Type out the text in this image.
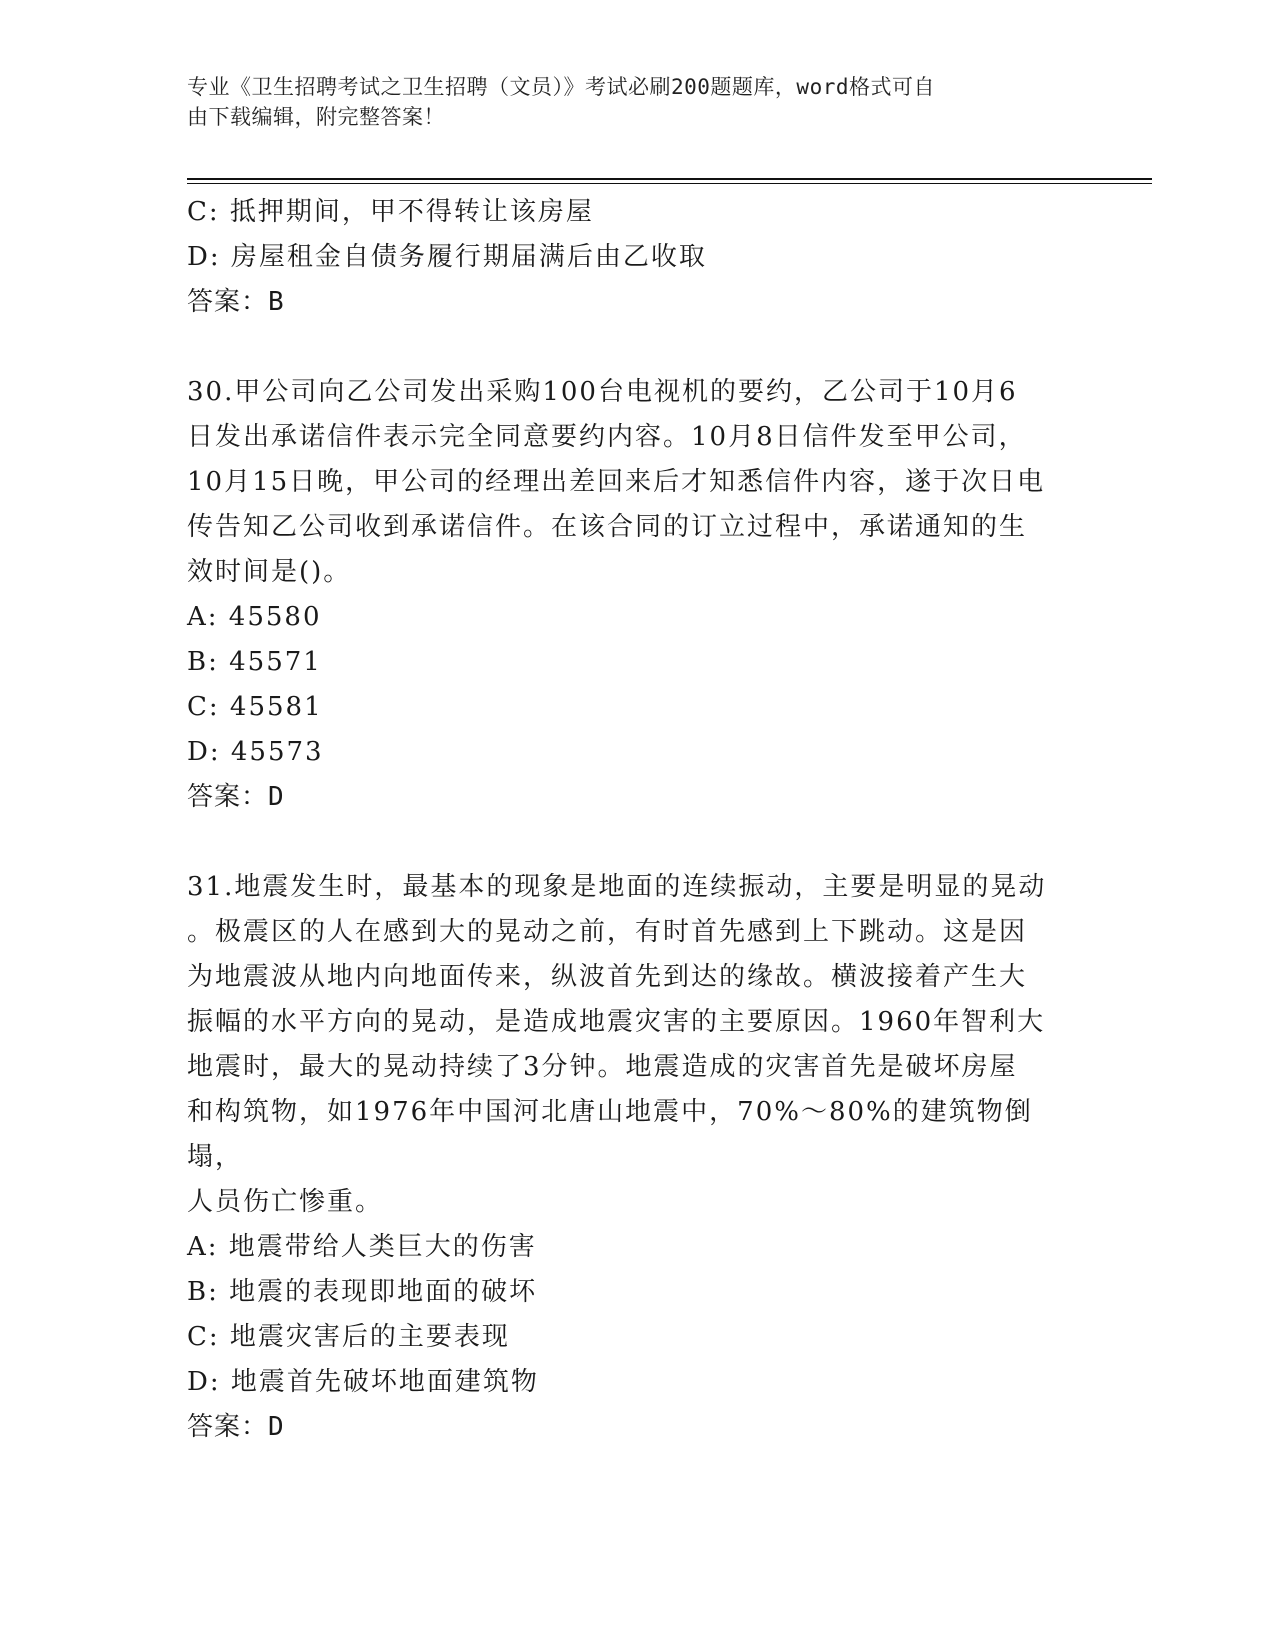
专业《卫生招聘考试之卫生招聘（文员）》考试必刷200题题库，word格式可自
由下载编辑，附完整答案！

C: 抵押期间，甲不得转让该房屋

D: 房屋租金自债务履行期届满后由乙收取

答案：B

30.甲公司向乙公司发出采购100台电视机的要约，乙公司于10月6

日发出承诺信件表示完全同意要约内容。10月8日信件发至甲公司，

10月15日晚，甲公司的经理出差回来后才知悉信件内容，遂于次日电

传告知乙公司收到承诺信件。在该合同的订立过程中，承诺通知的生

效时间是()。

A: 45580

B: 45571

C: 45581

D: 45573

答案：D

31.地震发生时，最基本的现象是地面的连续振动，主要是明显的晃动

。极震区的人在感到大的晃动之前，有时首先感到上下跳动。这是因

为地震波从地内向地面传来，纵波首先到达的缘故。横波接着产生大

振幅的水平方向的晃动，是造成地震灾害的主要原因。1960年智利大

地震时，最大的晃动持续了3分钟。地震造成的灾害首先是破坏房屋

和构筑物，如1976年中国河北唐山地震中，70%～80%的建筑物倒塌，

人员伤亡惨重。

A: 地震带给人类巨大的伤害

B: 地震的表现即地面的破坏

C: 地震灾害后的主要表现

D: 地震首先破坏地面建筑物

答案：D
